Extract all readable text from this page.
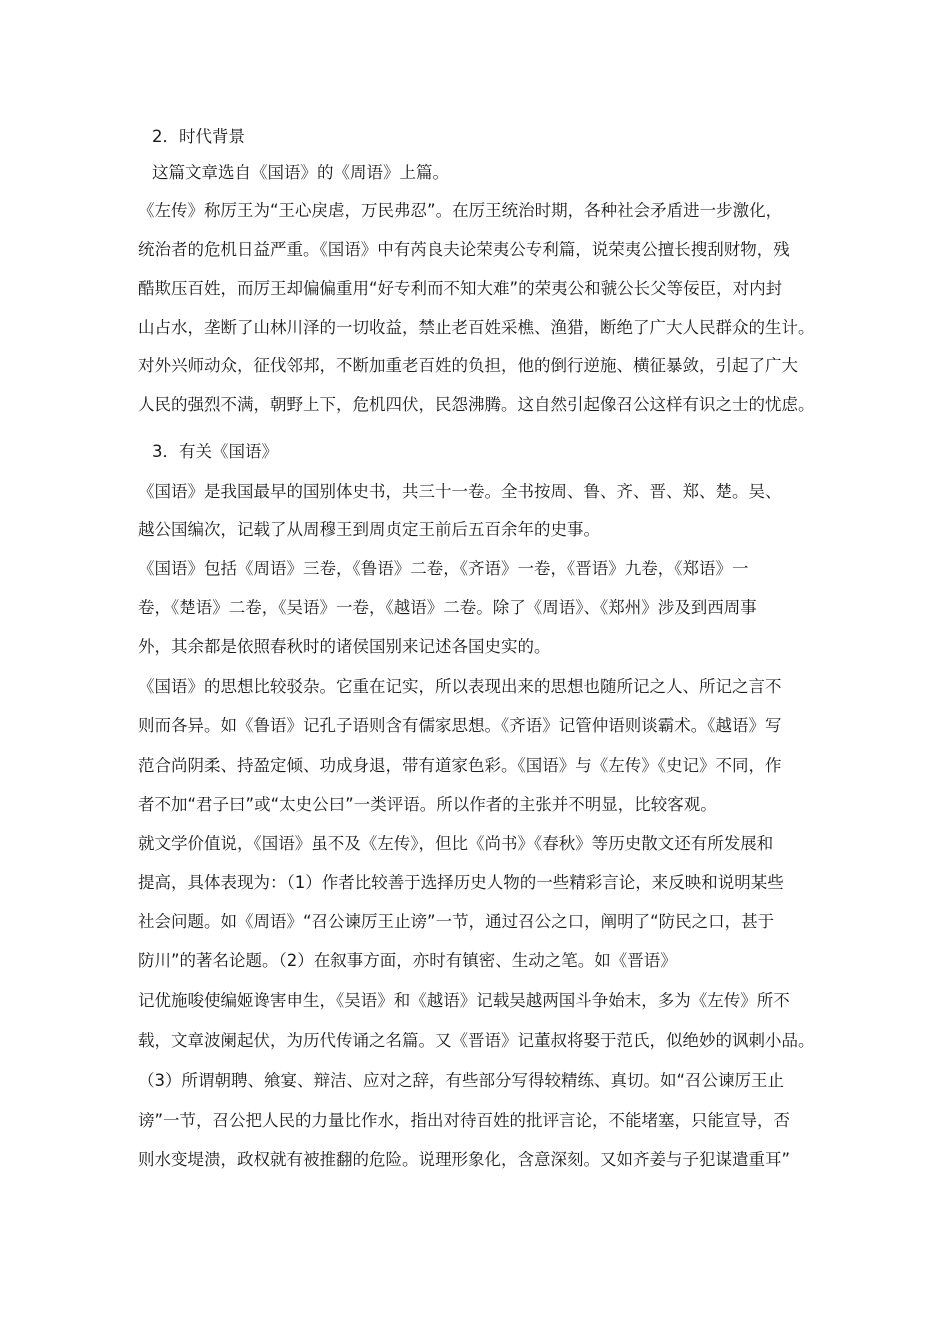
2．时代背景
这篇文章选自《国语》的《周语》上篇。
《左传》称厉王为“王心戾虐，万民弗忍”。在厉王统治时期，各种社会矛盾进一步激化，
统治者的危机日益严重。《国语》中有芮良夫论荣夷公专利篇，说荣夷公擅长搜刮财物，残
酷欺压百姓，而厉王却偏偏重用“好专利而不知大难”的荣夷公和虢公长父等佞臣，对内封
山占水，垄断了山林川泽的一切收益，禁止老百姓采樵、渔猎，断绝了广大人民群众的生计。
对外兴师动众，征伐邻邦，不断加重老百姓的负担，他的倒行逆施、横征暴敛，引起了广大
人民的强烈不满，朝野上下，危机四伏，民怨沸腾。这自然引起像召公这样有识之士的忧虑。
3．有关《国语》
《国语》是我国最早的国别体史书，共三十一卷。全书按周、鲁、齐、晋、郑、楚。吴、
越公国编次，记载了从周穆王到周贞定王前后五百余年的史事。
《国语》包括《周语》三卷，《鲁语》二卷，《齐语》一卷，《晋语》九卷，《郑语》一
卷，《楚语》二卷，《吴语》一卷，《越语》二卷。除了《周语》、《郑州》涉及到西周事
外，其余都是依照春秋时的诸侯国别来记述各国史实的。
《国语》的思想比较驳杂。它重在记实，所以表现出来的思想也随所记之人、所记之言不
则而各异。如《鲁语》记孔子语则含有儒家思想。《齐语》记管仲语则谈霸术。《越语》写
范合尚阴柔、持盈定倾、功成身退，带有道家色彩。《国语》与《左传》《史记》不同，作
者不加“君子曰”或“太史公曰”一类评语。所以作者的主张并不明显，比较客观。
就文学价值说，《国语》虽不及《左传》，但比《尚书》《春秋》等历史散文还有所发展和
提高，具体表现为：（1）作者比较善于选择历史人物的一些精彩言论，来反映和说明某些
社会问题。如《周语》“召公谏厉王止谤”一节，通过召公之口，阐明了“防民之口，甚于
防川”的著名论题。（2）在叙事方面，亦时有镇密、生动之笔。如《晋语》
记优施唆使编姬谗害申生，《吴语》和《越语》记载吴越两国斗争始末，多为《左传》所不
载，文章波阑起伏，为历代传诵之名篇。又《晋语》记董叔将娶于范氏，似绝妙的讽刺小品。
（3）所谓朝聘、飨宴、辩洁、应对之辞，有些部分写得较精练、真切。如“召公谏厉王止
谤”一节，召公把人民的力量比作水，指出对待百姓的批评言论，不能堵塞，只能宣导，否
则水变堤溃，政权就有被推翻的危险。说理形象化，含意深刻。又如齐姜与子犯谋遣重耳”
